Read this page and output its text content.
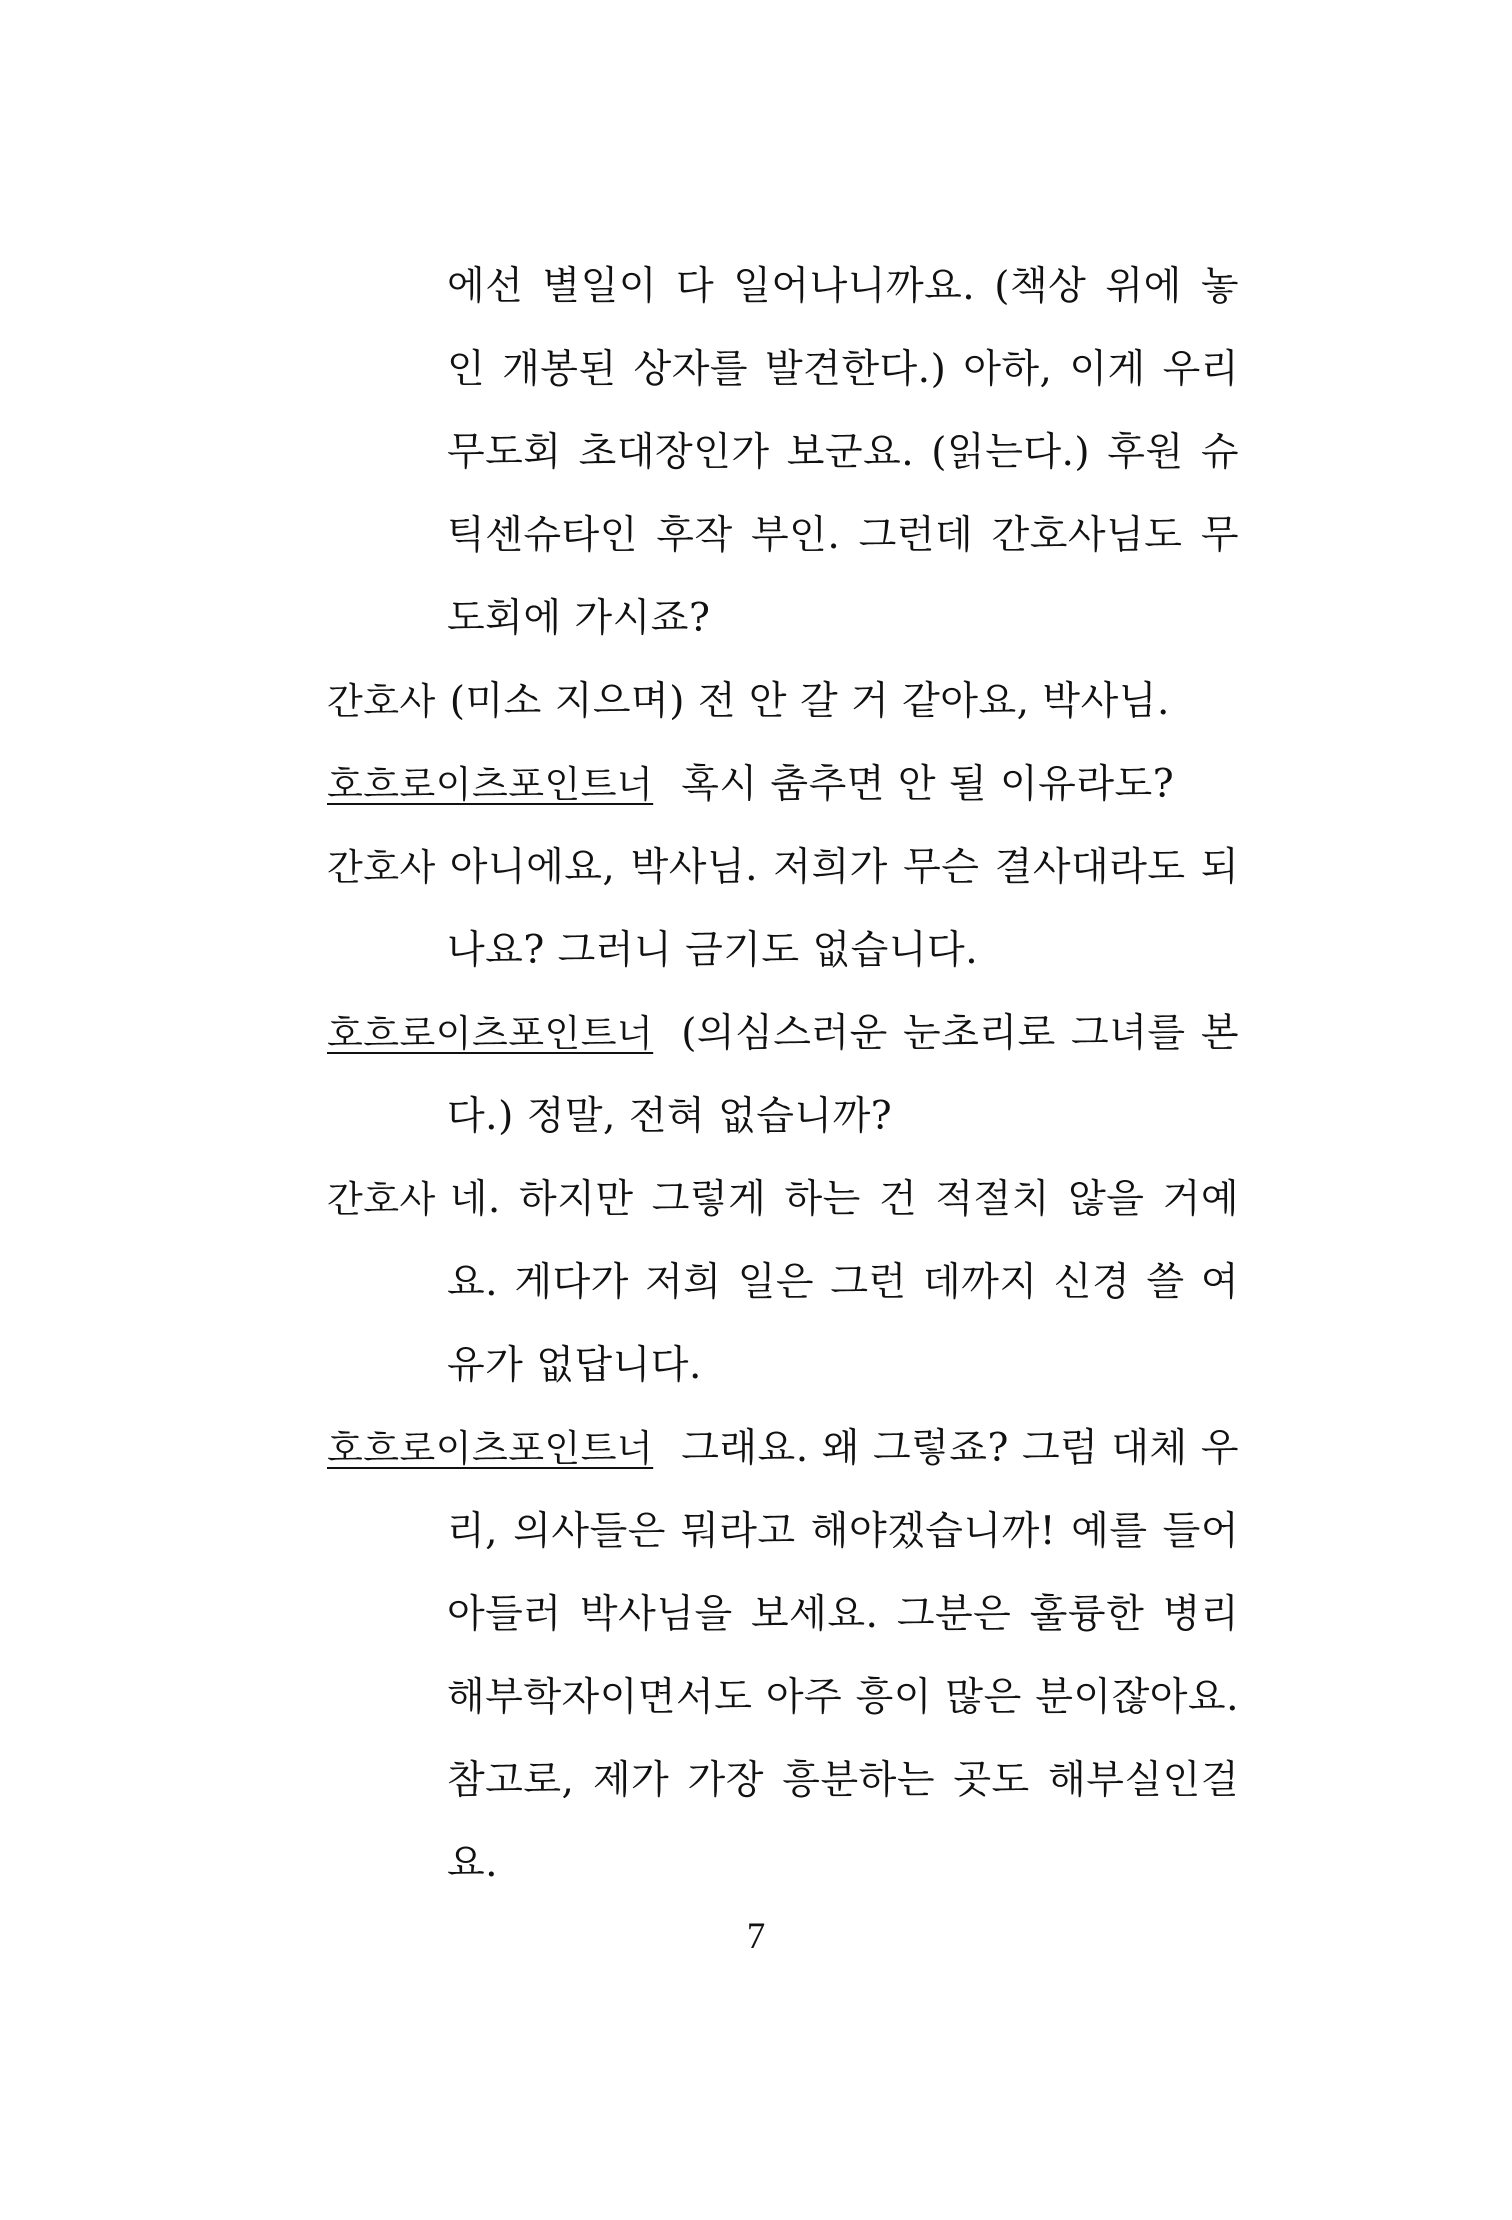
에선 별일이 다 일어나니까요. (책상 위에 놓인 개봉된 상자를 발견한다.) 아하, 이게 우리 무도회 초대장인가 보군요. (읽는다.) 후원 슈틱센슈타인 후작 부인. 그런데 간호사님도 무도회에 가시죠?

간호사 (미소 지으며) 전 안 갈 거 같아요, 박사님.

호흐로이츠포인트너 혹시 춤추면 안 될 이유라도?

간호사 아니에요, 박사님. 저희가 무슨 결사대라도 되나요? 그러니 금기도 없습니다.

호흐로이츠포인트너 (의심스러운 눈초리로 그녀를 본다.) 정말, 전혀 없습니까?

간호사 네. 하지만 그렇게 하는 건 적절치 않을 거예요. 게다가 저희 일은 그런 데까지 신경 쓸 여유가 없답니다.

호흐로이츠포인트너 그래요. 왜 그렇죠? 그럼 대체 우리, 의사들은 뭐라고 해야겠습니까! 예를 들어 아들러 박사님을 보세요. 그분은 훌륭한 병리해부학자이면서도 아주 흥이 많은 분이잖아요. 참고로, 제가 가장 흥분하는 곳도 해부실인걸요.

7
